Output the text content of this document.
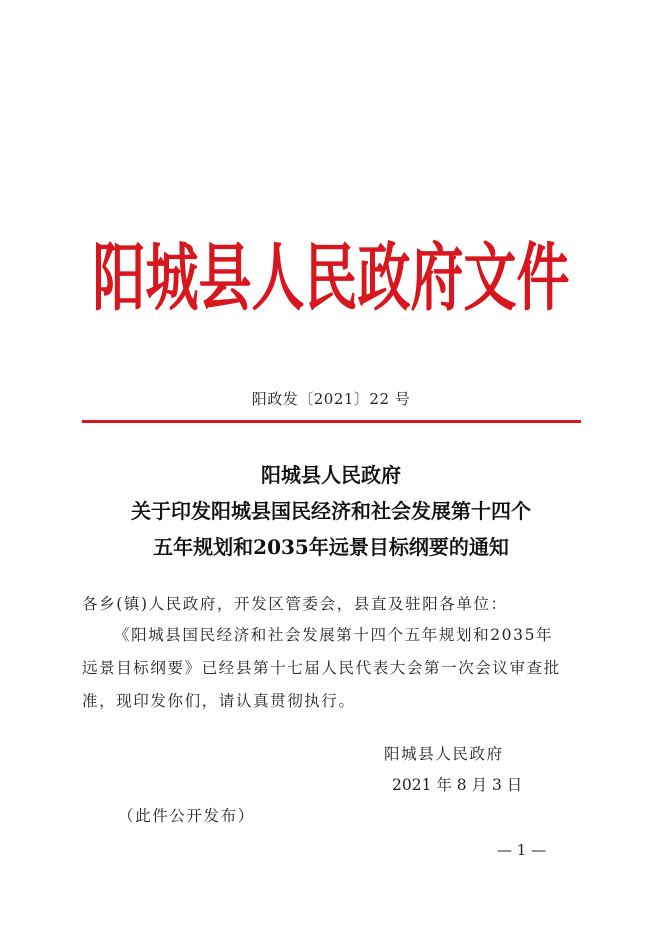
阳城县人民政府文件
阳政发〔2021〕22 号
阳城县人民政府
关于印发阳城县国民经济和社会发展第十四个
五年规划和2035年远景目标纲要的通知
各乡(镇)人民政府，开发区管委会，县直及驻阳各单位：
《阳城县国民经济和社会发展第十四个五年规划和2035年
远景目标纲要》已经县第十七届人民代表大会第一次会议审查批
准，现印发你们，请认真贯彻执行。
阳城县人民政府
2021 年 8 月 3 日
（此件公开发布）
— 1 —
